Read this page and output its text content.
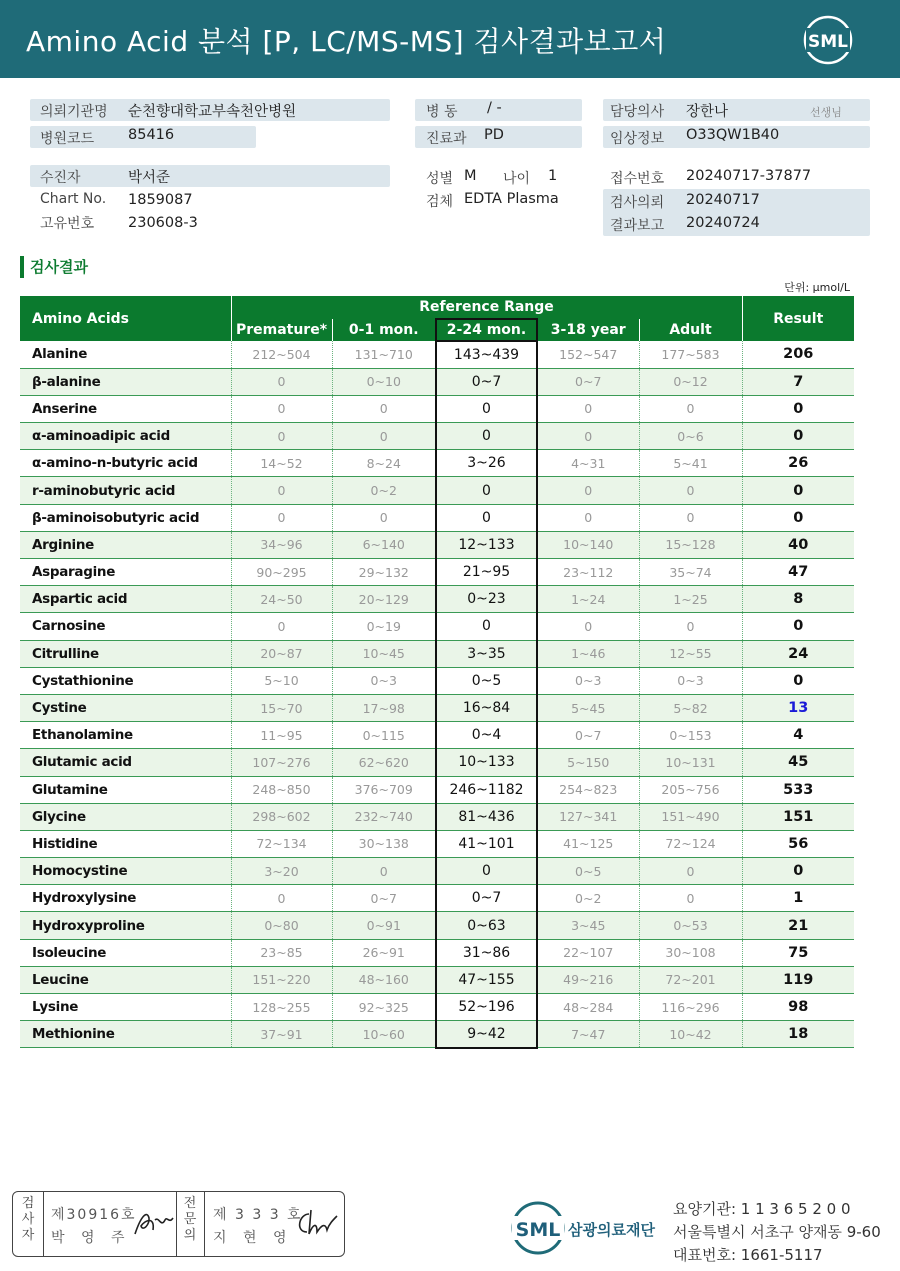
Amino Acid 분석 [P, LC/MS-MS] 검사결과보고서	SML
의뢰기관명 순천향대학교부속천안병원
병원코드 85416
병 동 / -
진료과 PD
담당의사 장한나	선생님
임상정보 O33QW1B40
수진자	박서준
Chart No. 1859087
고유번호 230608-3
성별 M 나이 1
검체 EDTA Plasma
접수번호 20240717-37877
검사의뢰 20240717
결과보고 20240724
검사결과
단위: μmol/L
Amino Acids	Reference Range					Result
	Premature*	0-1 mon.	2-24 mon.	3-18 year	Adult	
Alanine	212~504	131~710	143~439	152~547	177~583	206
β-alanine	0	0~10	0~7	0~7	0~12	7
Anserine	0	0	0	0	0	0
α-aminoadipic acid	0	0	0	0	0~6	0
α-amino-n-butyric acid	14~52	8~24	3~26	4~31	5~41	26
r-aminobutyric acid	0	0~2	0	0	0	0
β-aminoisobutyric acid	0	0	0	0	0	0
Arginine	34~96	6~140	12~133	10~140	15~128	40
Asparagine	90~295	29~132	21~95	23~112	35~74	47
Aspartic acid	24~50	20~129	0~23	1~24	1~25	8
Carnosine	0	0~19	0	0	0	0
Citrulline	20~87	10~45	3~35	1~46	12~55	24
Cystathionine	5~10	0~3	0~5	0~3	0~3	0
Cystine	15~70	17~98	16~84	5~45	5~82	13
Ethanolamine	11~95	0~115	0~4	0~7	0~153	4
Glutamic acid	107~276	62~620	10~133	5~150	10~131	45
Glutamine	248~850	376~709	246~1182	254~823	205~756	533
Glycine	298~602	232~740	81~436	127~341	151~490	151
Histidine	72~134	30~138	41~101	41~125	72~124	56
Homocystine	3~20	0	0	0~5	0	0
Hydroxylysine	0	0~7	0~7	0~2	0	1
Hydroxyproline	0~80	0~91	0~63	3~45	0~53	21
Isoleucine	23~85	26~91	31~86	22~107	30~108	75
Leucine	151~220	48~160	47~155	49~216	72~201	119
Lysine	128~255	92~325	52~196	48~284	116~296	98
Methionine	37~91	10~60	9~42	7~47	10~42	18
검사자
제30916호
박 영 주
전문의
제 3 3 3 호
지 현 영	SML 삼광의료재단
요양기관: 1 1 3 6 5 2 0 0
서울특별시 서초구 양재동 9-60
대표번호: 1661-5117
